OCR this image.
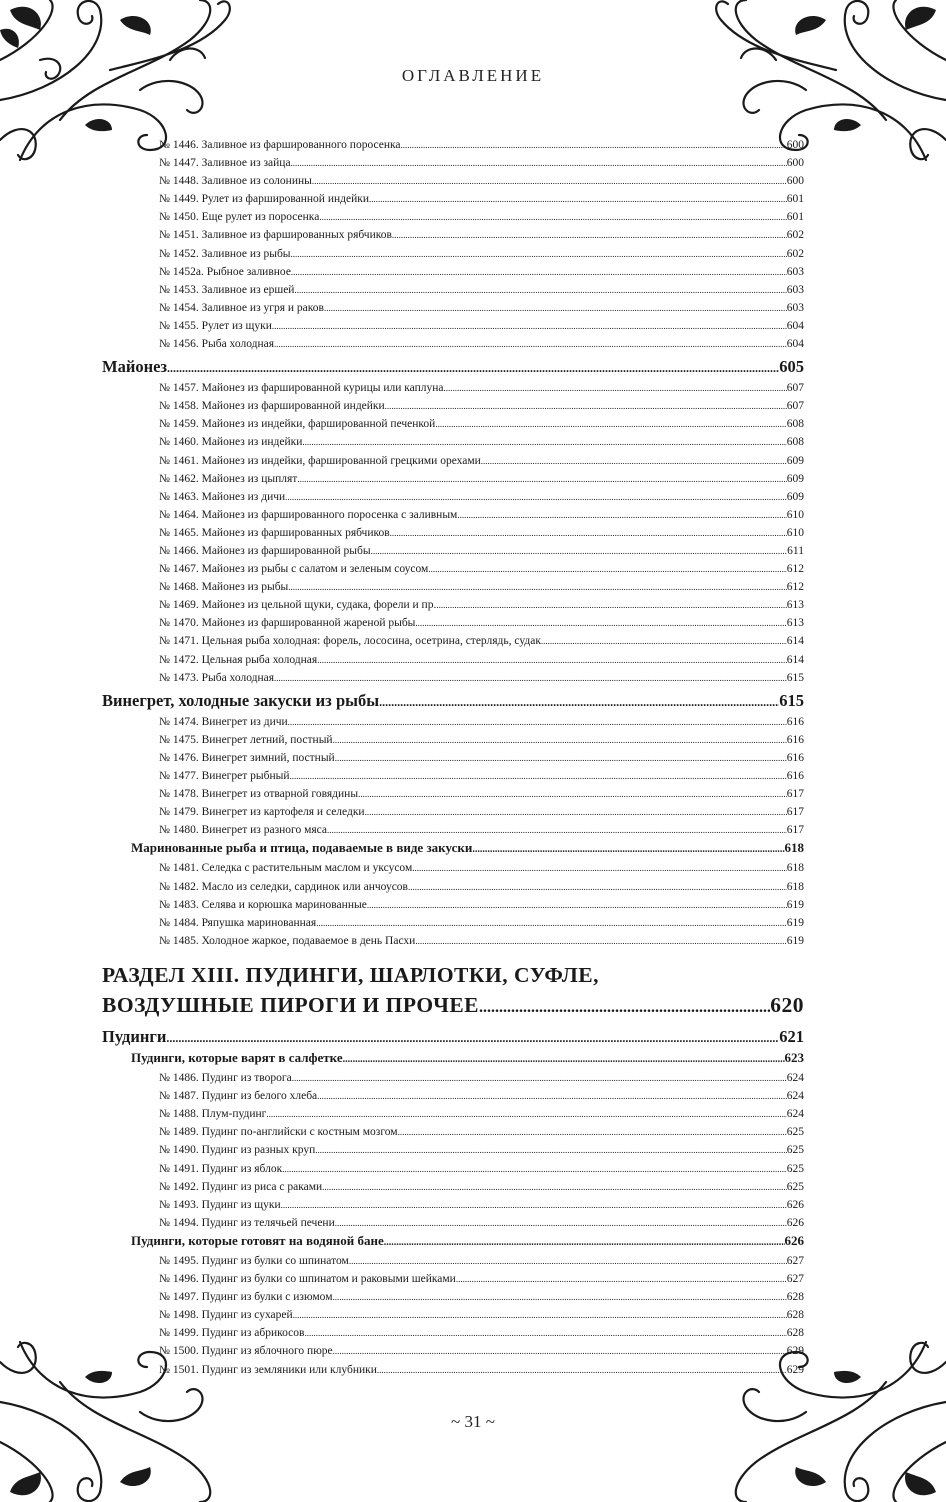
ОГЛАВЛЕНИЕ
№ 1446. Заливное из фаршированного поросенка .....	600
№ 1447. Заливное из зайца .....	600
№ 1448. Заливное из солонины .....	600
№ 1449. Рулет из фаршированной индейки .....	601
№ 1450. Еще рулет из поросенка .....	601
№ 1451. Заливное из фаршированных рябчиков .....	602
№ 1452. Заливное из рыбы .....	602
№ 1452а. Рыбное заливное .....	603
№ 1453. Заливное из ершей .....	603
№ 1454. Заливное из угря и раков .....	603
№ 1455. Рулет из щуки .....	604
№ 1456. Рыба холодная .....	604
Майонез .....	605
№ 1457. Майонез из фаршированной курицы или каплуна .....	607
№ 1458. Майонез из фаршированной индейки .....	607
№ 1459. Майонез из индейки, фаршированной печенкой .....	608
№ 1460. Майонез из индейки .....	608
№ 1461. Майонез из индейки, фаршированной грецкими орехами .....	609
№ 1462. Майонез из цыплят .....	609
№ 1463. Майонез из дичи .....	609
№ 1464. Майонез из фаршированного поросенка с заливным .....	610
№ 1465. Майонез из фаршированных рябчиков .....	610
№ 1466. Майонез из фаршированной рыбы .....	611
№ 1467. Майонез из рыбы с салатом и зеленым соусом .....	612
№ 1468. Майонез из рыбы .....	612
№ 1469. Майонез из цельной щуки, судака, форели и пр. .....	613
№ 1470. Майонез из фаршированной жареной рыбы .....	613
№ 1471. Цельная рыба холодная: форель, лососина, осетрина, стерлядь, судак .....	614
№ 1472. Цельная рыба холодная .....	614
№ 1473. Рыба холодная .....	615
Винегрет, холодные закуски из рыбы .....	615
№ 1474. Винегрет из дичи .....	616
№ 1475. Винегрет летний, постный .....	616
№ 1476. Винегрет зимний, постный .....	616
№ 1477. Винегрет рыбный .....	616
№ 1478. Винегрет из отварной говядины .....	617
№ 1479. Винегрет из картофеля и селедки .....	617
№ 1480. Винегрет из разного мяса .....	617
Маринованные рыба и птица, подаваемые в виде закуски .....	618
№ 1481. Селедка с растительным маслом и уксусом .....	618
№ 1482. Масло из селедки, сардинок или анчоусов .....	618
№ 1483. Селява и корюшка маринованные .....	619
№ 1484. Ряпушка маринованная .....	619
№ 1485. Холодное жаркое, подаваемое в день Пасхи .....	619
РАЗДЕЛ XIII. ПУДИНГИ, ШАРЛОТКИ, СУФЛЕ,
ВОЗДУШНЫЕ ПИРОГИ И ПРОЧЕЕ .....	620
Пудинги .....	621
Пудинги, которые варят в салфетке .....	623
№ 1486. Пудинг из творога .....	624
№ 1487. Пудинг из белого хлеба .....	624
№ 1488. Плум-пудинг .....	624
№ 1489. Пудинг по-английски с костным мозгом .....	625
№ 1490. Пудинг из разных круп .....	625
№ 1491. Пудинг из яблок .....	625
№ 1492. Пудинг из риса с раками .....	625
№ 1493. Пудинг из щуки .....	626
№ 1494. Пудинг из телячьей печени .....	626
Пудинги, которые готовят на водяной бане .....	626
№ 1495. Пудинг из булки со шпинатом .....	627
№ 1496. Пудинг из булки со шпинатом и раковыми шейками .....	627
№ 1497. Пудинг из булки с изюмом .....	628
№ 1498. Пудинг из сухарей .....	628
№ 1499. Пудинг из абрикосов .....	628
№ 1500. Пудинг из яблочного пюре .....	629
№ 1501. Пудинг из земляники или клубники .....	629
~ 31 ~
